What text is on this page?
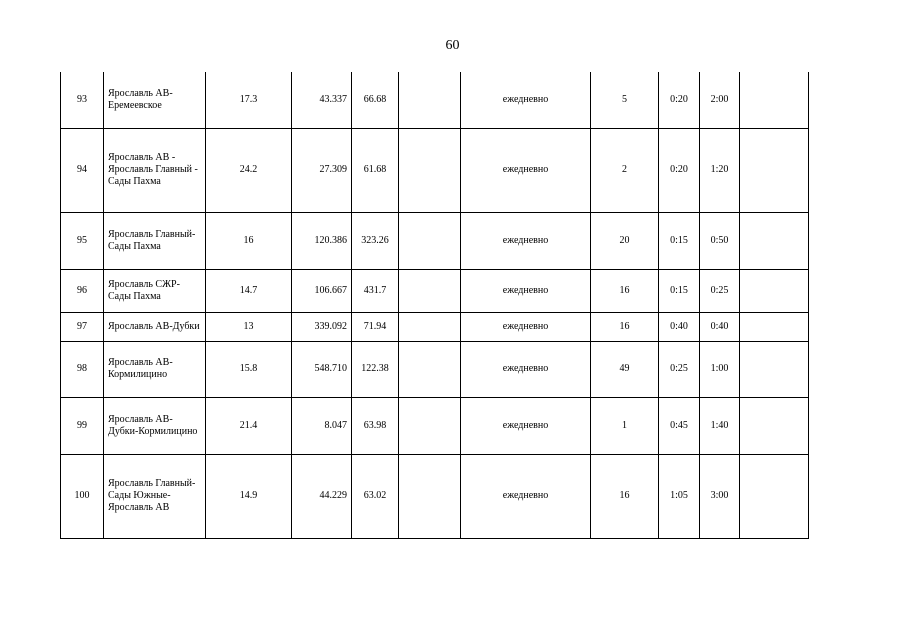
60
93	Ярославль АВ-Еремеевское	17.3	43.337	66.68		ежедневно	5	0:20	2:00	
94	Ярославль АВ - Ярославль Главный - Сады Пахма	24.2	27.309	61.68		ежедневно	2	0:20	1:20	
95	Ярославль Главный-Сады Пахма	16	120.386	323.26		ежедневно	20	0:15	0:50	
96	Ярославль СЖР-Сады Пахма	14.7	106.667	431.7		ежедневно	16	0:15	0:25	
97	Ярославль АВ-Дубки	13	339.092	71.94		ежедневно	16	0:40	0:40	
98	Ярославль АВ-Кормилицино	15.8	548.710	122.38		ежедневно	49	0:25	1:00	
99	Ярославль АВ-Дубки-Кормилицино	21.4	8.047	63.98		ежедневно	1	0:45	1:40	
100	Ярославль Главный-Сады Южные-Ярославль АВ	14.9	44.229	63.02		ежедневно	16	1:05	3:00	
